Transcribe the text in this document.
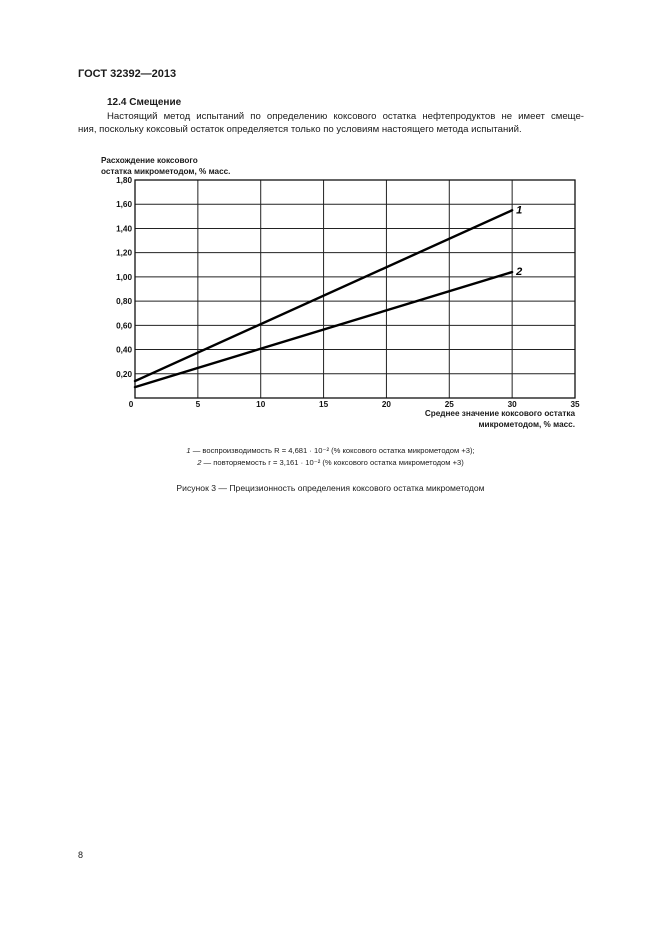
ГОСТ 32392—2013
12.4 Смещение
Настоящий метод испытаний по определению коксового остатка нефтепродуктов не имеет смеще-
ния, поскольку коксовый остаток определяется только по условиям настоящего метода испытаний.
Расхождение коксового
остатка микрометодом, % масс.
0	5	10	15	20	25	30	35
0,20
0,40
0,60
0,80
1,00
1,20
1,40
1,60
1,80
1
2
Среднее значение коксового остатка
микрометодом, % масс.
1 — воспроизводимость R = 4,681 · 10⁻² (% коксового остатка микрометодом +3);
2 — повторяемость r = 3,161 · 10⁻² (% коксового остатка микрометодом +3)
Рисунок 3 — Прецизионность определения коксового остатка микрометодом
8
